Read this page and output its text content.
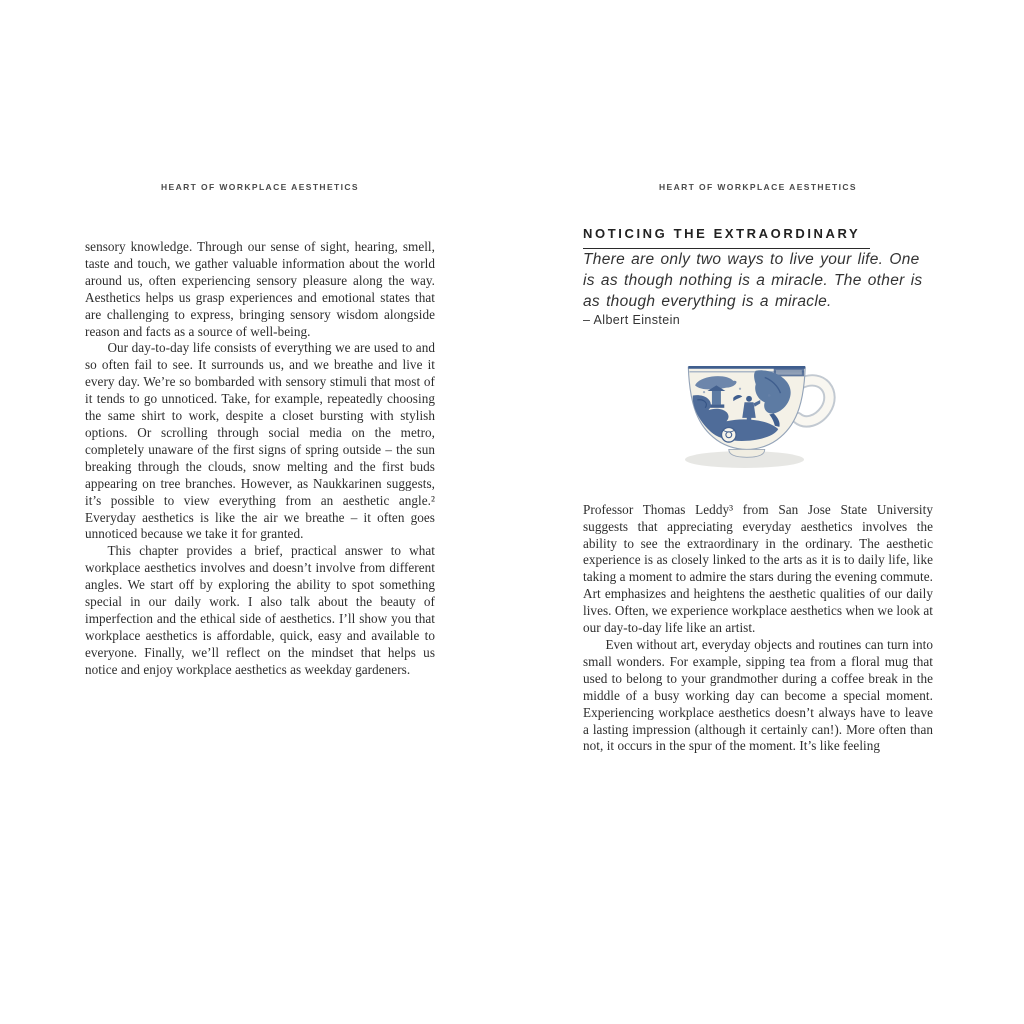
HEART OF WORKPLACE AESTHETICS	HEART OF WORKPLACE AESTHETICS

sensory knowledge. Through our sense of sight, hearing, smell, taste and touch, we gather valuable information about the world around us, often experiencing sensory pleasure along the way. Aesthetics helps us grasp experiences and emotional states that are challenging to express, bringing sensory wisdom alongside reason and facts as a source of well-being.

Our day-to-day life consists of everything we are used to and so often fail to see. It surrounds us, and we breathe and live it every day. We’re so bombarded with sensory stimuli that most of it tends to go unnoticed. Take, for example, repeatedly choosing the same shirt to work, despite a closet bursting with stylish options. Or scrolling through social media on the metro, completely unaware of the first signs of spring outside – the sun breaking through the clouds, snow melting and the first buds appearing on tree branches. However, as Naukkarinen suggests, it’s possible to view everything from an aesthetic angle.² Everyday aesthetics is like the air we breathe – it often goes unnoticed because we take it for granted.

This chapter provides a brief, practical answer to what workplace aesthetics involves and doesn’t involve from different angles. We start off by exploring the ability to spot something special in our daily work. I also talk about the beauty of imperfection and the ethical side of aesthetics. I’ll show you that workplace aesthetics is affordable, quick, easy and available to everyone. Finally, we’ll reflect on the mindset that helps us notice and enjoy workplace aesthetics as weekday gardeners.

NOTICING THE EXTRAORDINARY

There are only two ways to live your life. One is as though nothing is a miracle. The other is as though everything is a miracle.

– Albert Einstein

Professor Thomas Leddy³ from San Jose State University suggests that appreciating everyday aesthetics involves the ability to see the extraordinary in the ordinary. The aesthetic experience is as closely linked to the arts as it is to daily life, like taking a moment to admire the stars during the evening commute. Art emphasizes and heightens the aesthetic qualities of our daily lives. Often, we experience workplace aesthetics when we look at our day-to-day life like an artist.

Even without art, everyday objects and routines can turn into small wonders. For example, sipping tea from a floral mug that used to belong to your grandmother during a coffee break in the middle of a busy working day can become a special moment. Experiencing workplace aesthetics doesn’t always have to leave a lasting impression (although it certainly can!). More often than not, it occurs in the spur of the moment. It’s like feeling
